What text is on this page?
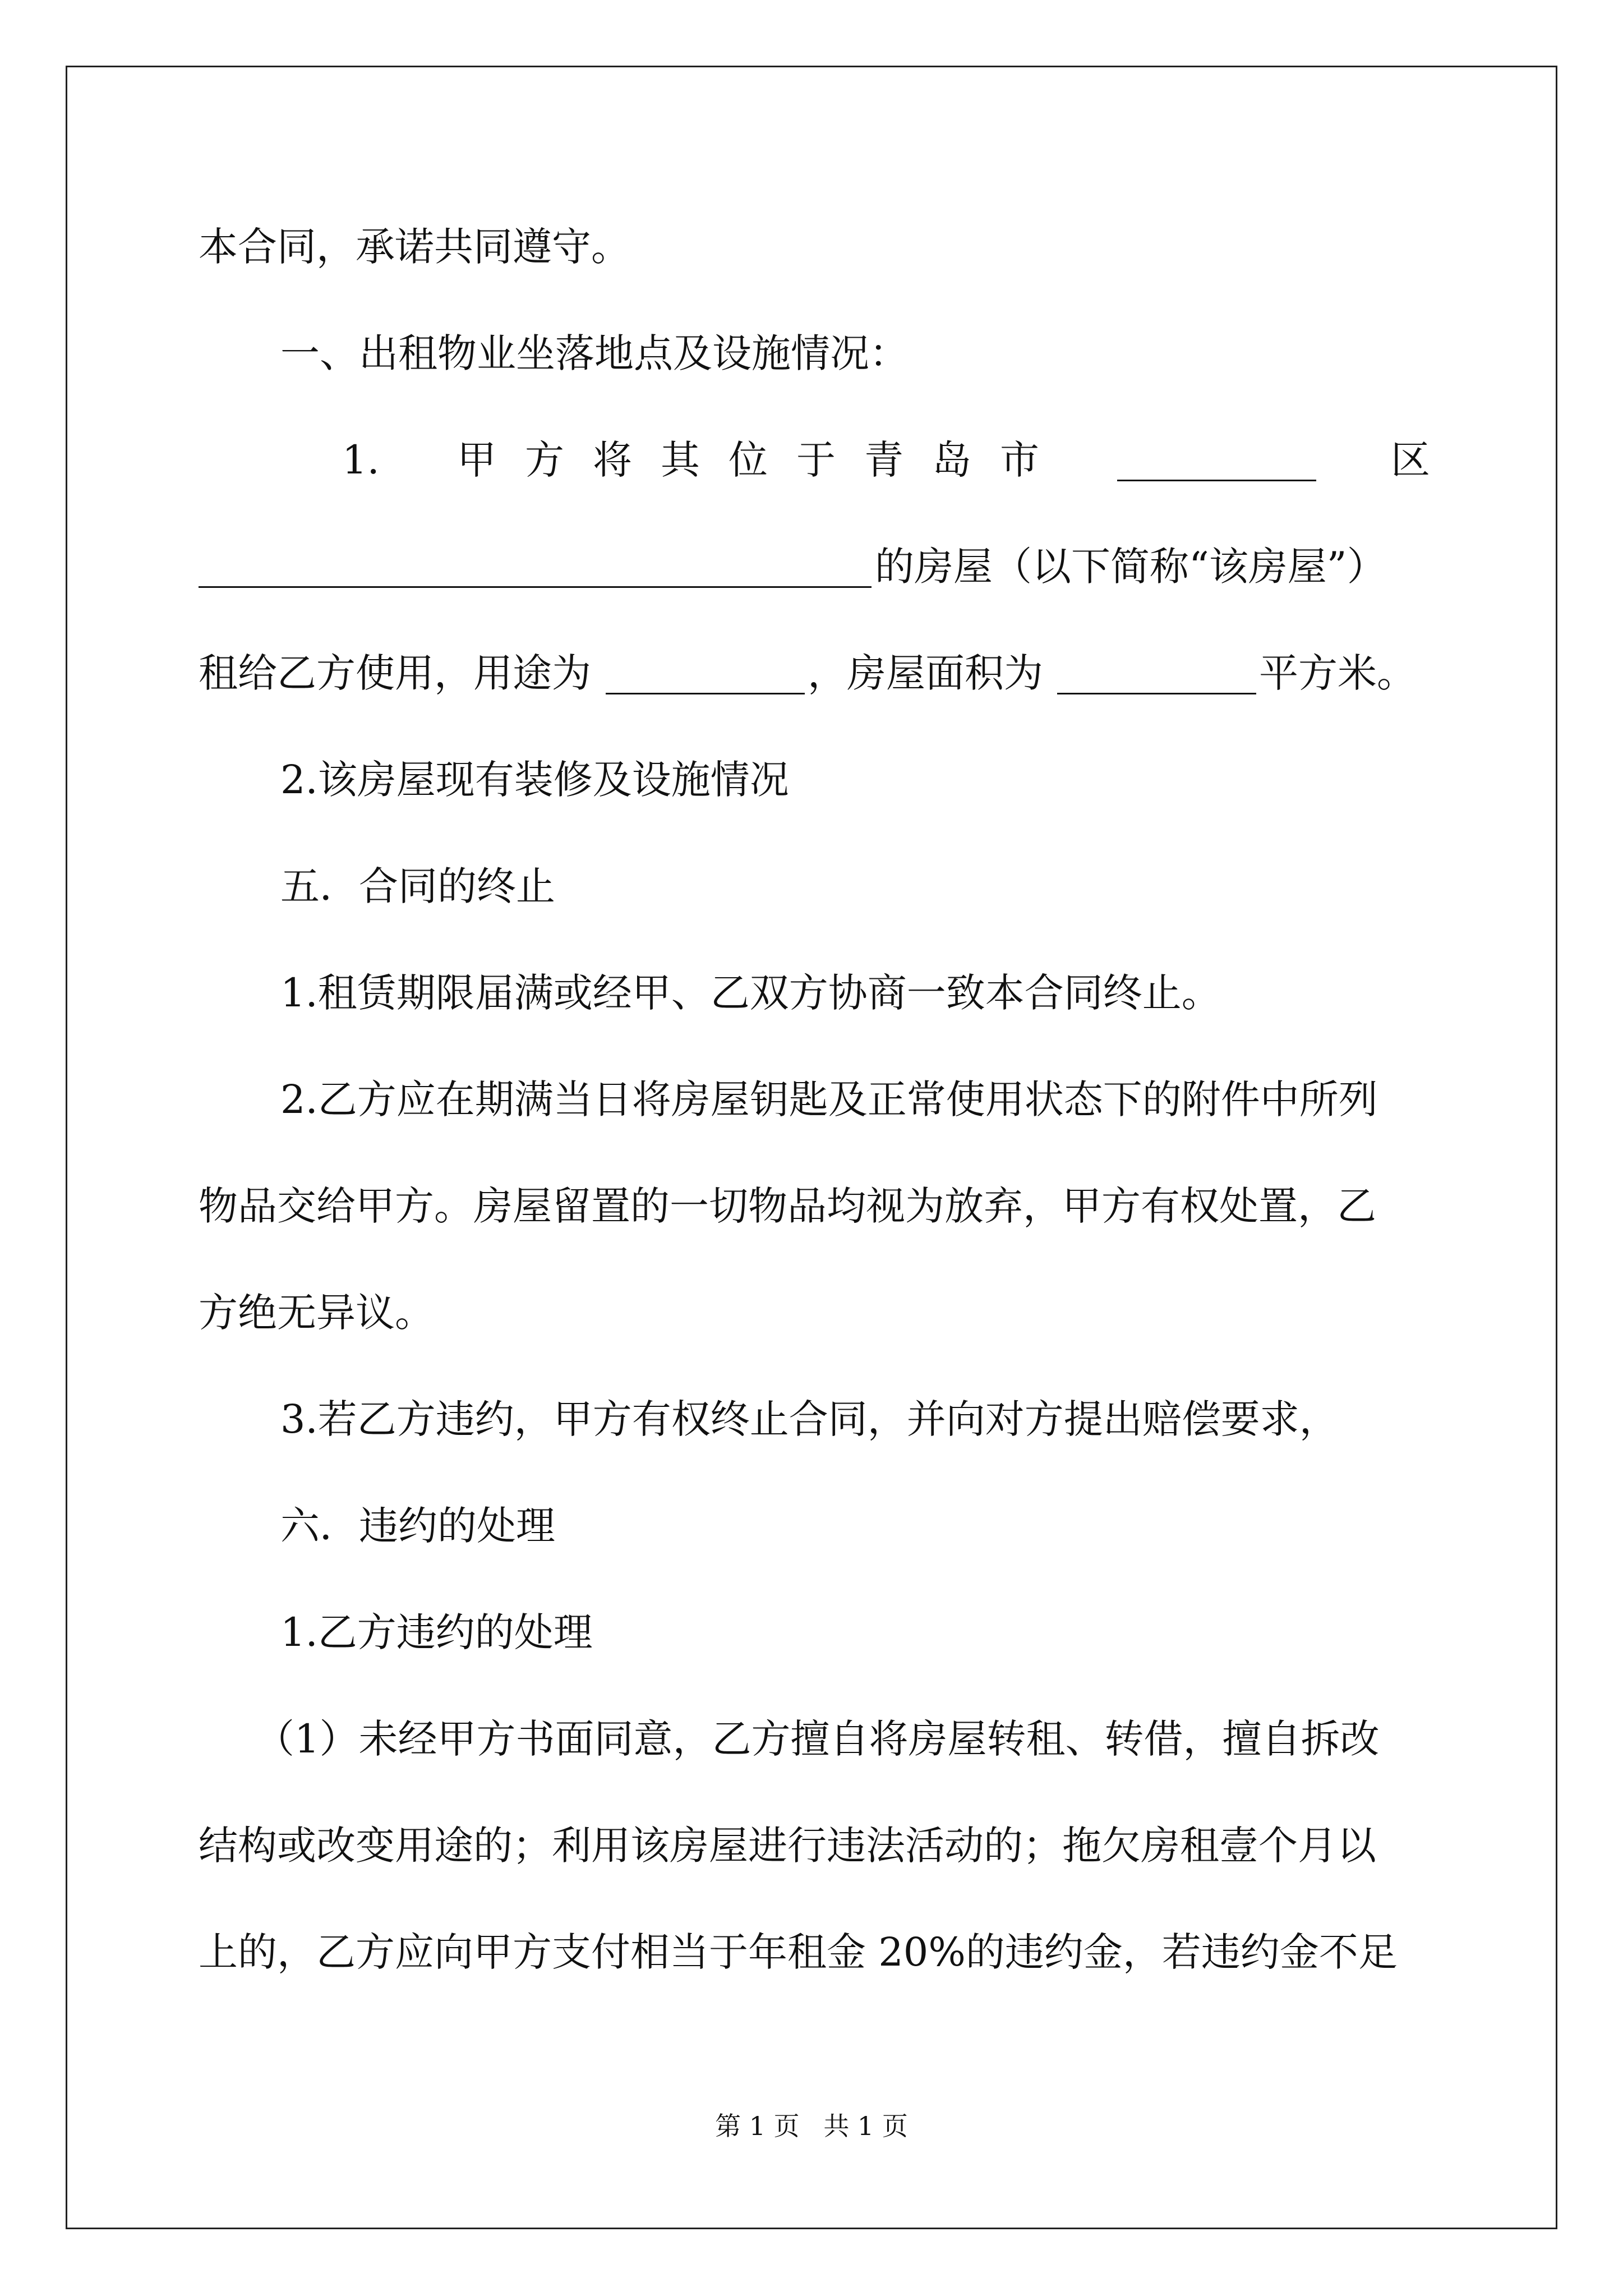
本合同，承诺共同遵守。
一、出租物业坐落地点及设施情况：
1. 甲方将其位于青岛市	区
的房屋（以下简称“该房屋”）
租给乙方使用，用途为	，房屋面积为	平方米。
2.该房屋现有装修及设施情况
五．合同的终止
1.租赁期限届满或经甲、乙双方协商一致本合同终止。
2.乙方应在期满当日将房屋钥匙及正常使用状态下的附件中所列
物品交给甲方。房屋留置的一切物品均视为放弃，甲方有权处置，乙
方绝无异议。
3.若乙方违约，甲方有权终止合同，并向对方提出赔偿要求，
六．违约的处理
1.乙方违约的处理
（1）未经甲方书面同意，乙方擅自将房屋转租、转借，擅自拆改
结构或改变用途的；利用该房屋进行违法活动的；拖欠房租壹个月以
上的，乙方应向甲方支付相当于年租金 20%的违约金，若违约金不足
第 1 页 共 1 页
